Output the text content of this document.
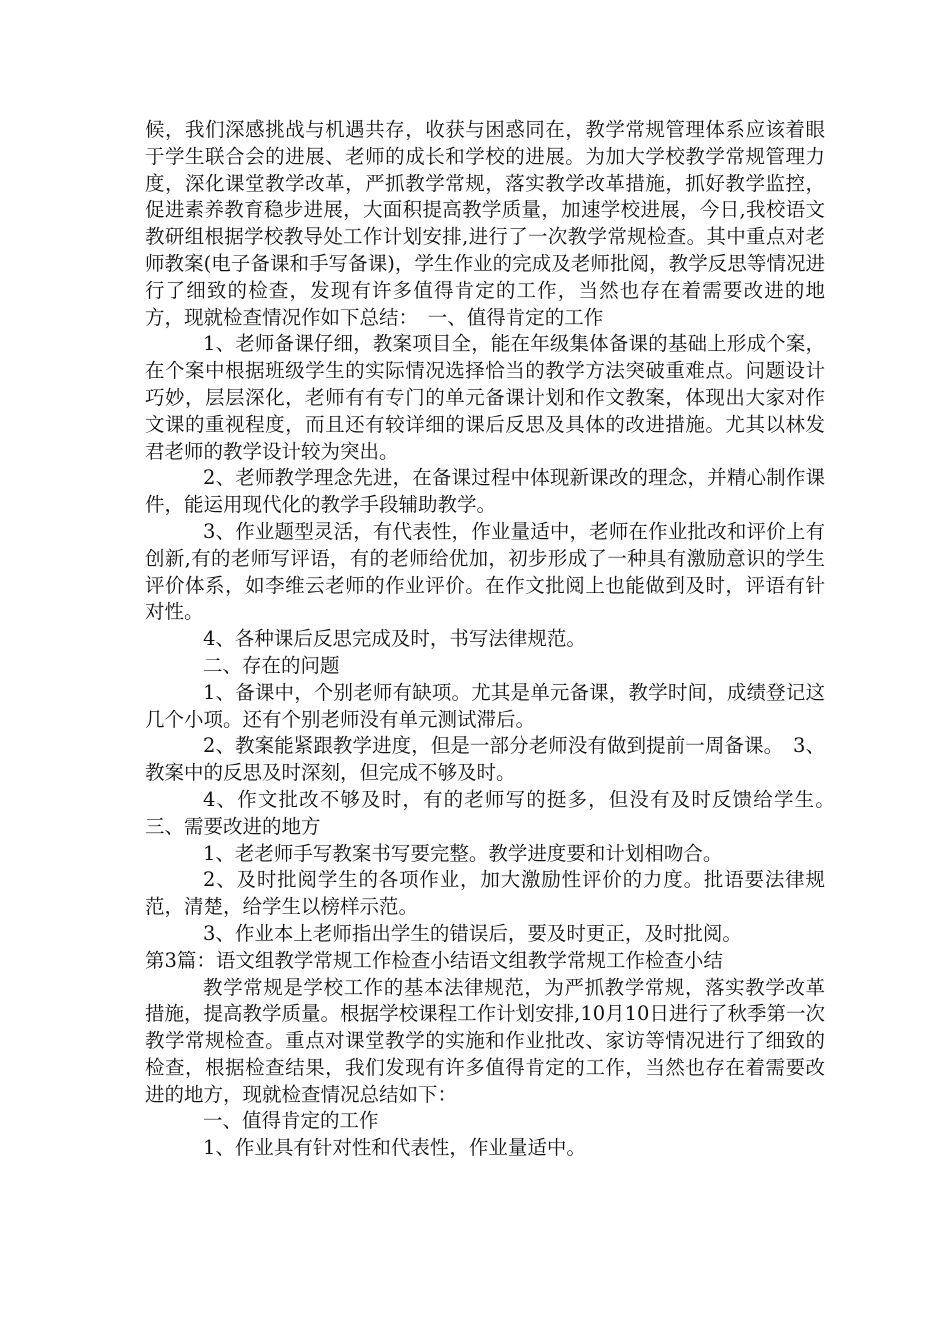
候，我们深感挑战与机遇共存，收获与困惑同在，教学常规管理体系应该着眼于学生联合会的进展、老师的成长和学校的进展。为加大学校教学常规管理力度，深化课堂教学改革，严抓教学常规，落实教学改革措施，抓好教学监控，促进素养教育稳步进展，大面积提高教学质量，加速学校进展，今日,我校语文教研组根据学校教导处工作计划安排,进行了一次教学常规检查。其中重点对老师教案(电子备课和手写备课)，学生作业的完成及老师批阅，教学反思等情况进行了细致的检查，发现有许多值得肯定的工作，当然也存在着需要改进的地方，现就检查情况作如下总结：　一、值得肯定的工作

1、老师备课仔细，教案项目全，能在年级集体备课的基础上形成个案，在个案中根据班级学生的实际情况选择恰当的教学方法突破重难点。问题设计巧妙，层层深化，老师有有专门的单元备课计划和作文教案，体现出大家对作文课的重视程度，而且还有较详细的课后反思及具体的改进措施。尤其以林发君老师的教学设计较为突出。

2、老师教学理念先进，在备课过程中体现新课改的理念，并精心制作课件，能运用现代化的教学手段辅助教学。

3、作业题型灵活，有代表性，作业量适中，老师在作业批改和评价上有创新,有的老师写评语，有的老师给优加，初步形成了一种具有激励意识的学生评价体系，如李维云老师的作业评价。在作文批阅上也能做到及时，评语有针对性。

4、各种课后反思完成及时，书写法律规范。

二、存在的问题

1、备课中，个别老师有缺项。尤其是单元备课，教学时间，成绩登记这几个小项。还有个别老师没有单元测试滞后。

2、教案能紧跟教学进度，但是一部分老师没有做到提前一周备课。　3、教案中的反思及时深刻，但完成不够及时。

4、作文批改不够及时，有的老师写的挺多，但没有及时反馈给学生。　三、需要改进的地方

1、老老师手写教案书写要完整。教学进度要和计划相吻合。

2、及时批阅学生的各项作业，加大激励性评价的力度。批语要法律规范，清楚，给学生以榜样示范。

3、作业本上老师指出学生的错误后，要及时更正，及时批阅。

第3篇：语文组教学常规工作检查小结语文组教学常规工作检查小结

教学常规是学校工作的基本法律规范，为严抓教学常规，落实教学改革措施，提高教学质量。根据学校课程工作计划安排,10月10日进行了秋季第一次教学常规检查。重点对课堂教学的实施和作业批改、家访等情况进行了细致的检查，根据检查结果，我们发现有许多值得肯定的工作，当然也存在着需要改进的地方，现就检查情况总结如下：

一、值得肯定的工作

1、作业具有针对性和代表性，作业量适中。
